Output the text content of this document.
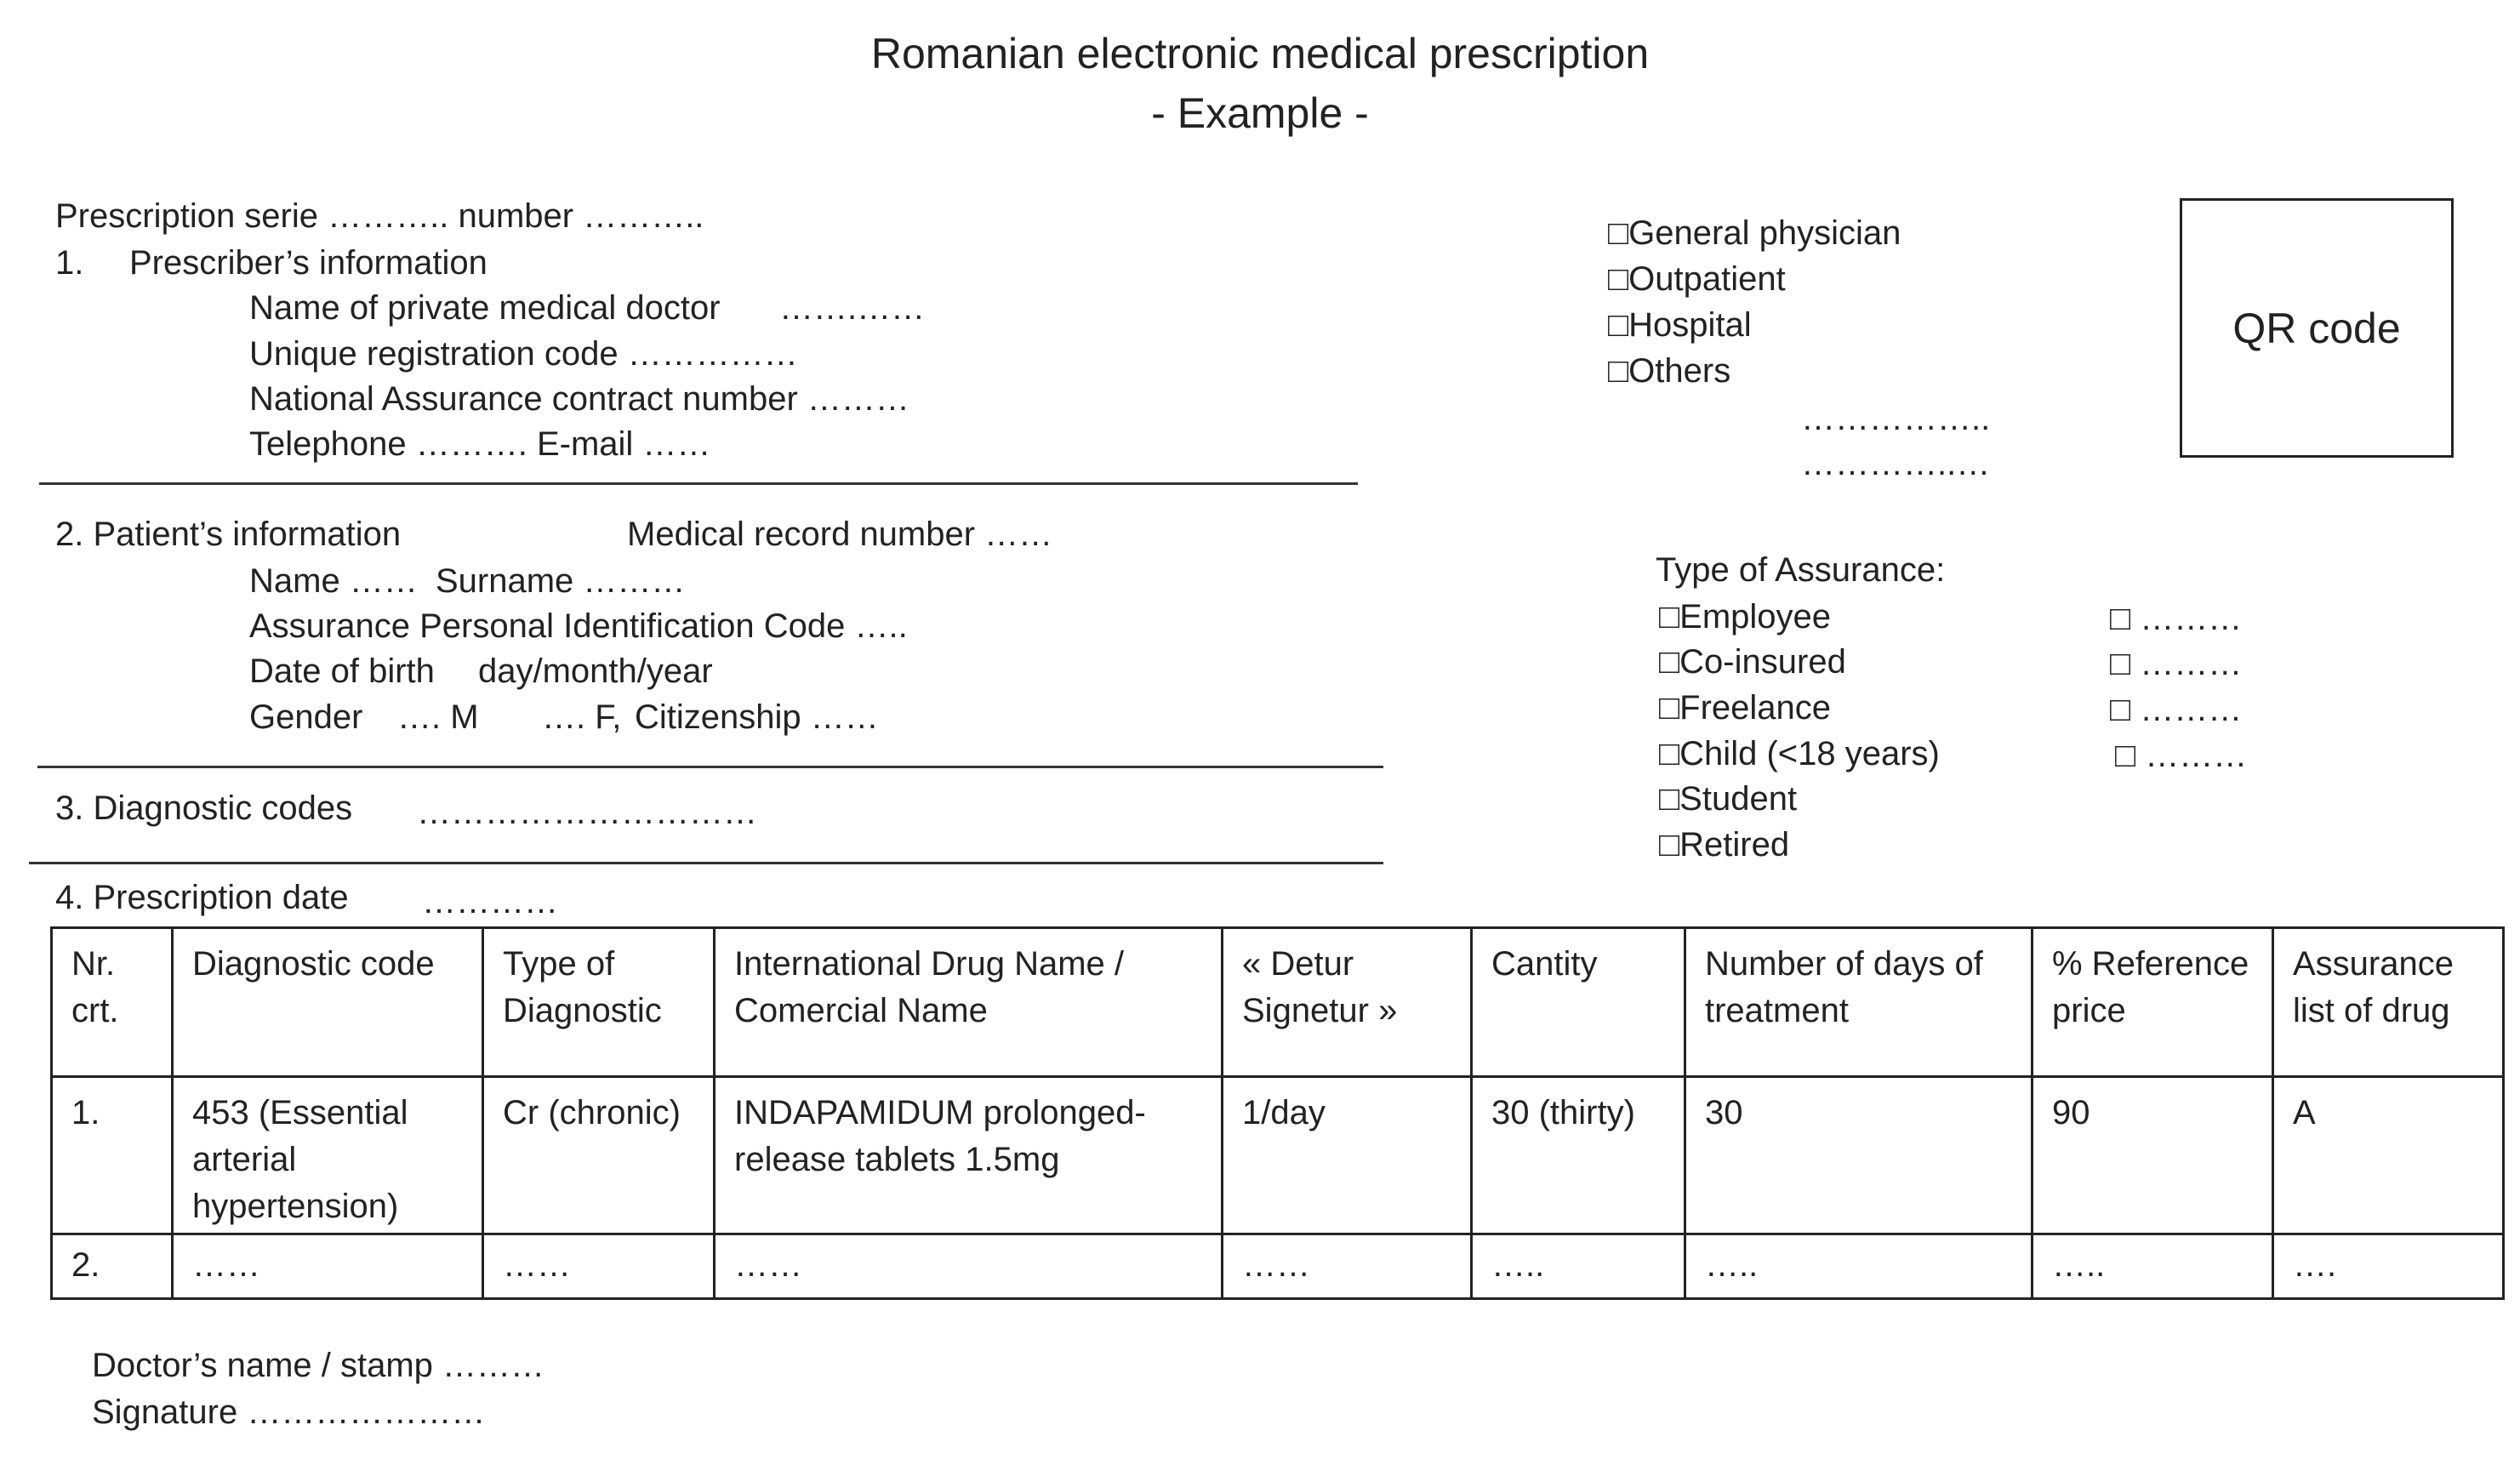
Romanian electronic medical prescription
- Example -
Prescription serie ……….. number ………..
1. Prescriber’s information
Name of private medical doctor …….……
Unique registration code ……………
National Assurance contract number ………
Telephone ………. E-mail ……
□General physician
□Outpatient
□Hospital
□Others
……………..
…………..…
QR code
2. Patient’s information	Medical record number ……
Name …… Surname ………
Assurance Personal Identification Code …..
Date of birth day/month/year
Gender …. M …. F, Citizenship ……
Type of Assurance:
□Employee
□Co-insured
□Freelance
□Child (<18 years)
□Student
□Retired
□ ………
□ ………
□ ………
□ ………
3. Diagnostic codes …………………………
4. Prescription date …………
Nr. crt.	Diagnostic code	Type of Diagnostic	International Drug Name / Comercial Name	« Detur Signetur »	Cantity	Number of days of treatment	% Reference price	Assurance list of drug
1.	453 (Essential arterial hypertension)	Cr (chronic)	INDAPAMIDUM prolonged-release tablets 1.5mg	1/day	30 (thirty)	30	90	A
2.	……	……	……	……	…..	…..	…..	….
Doctor’s name / stamp ………
Signature …………………
